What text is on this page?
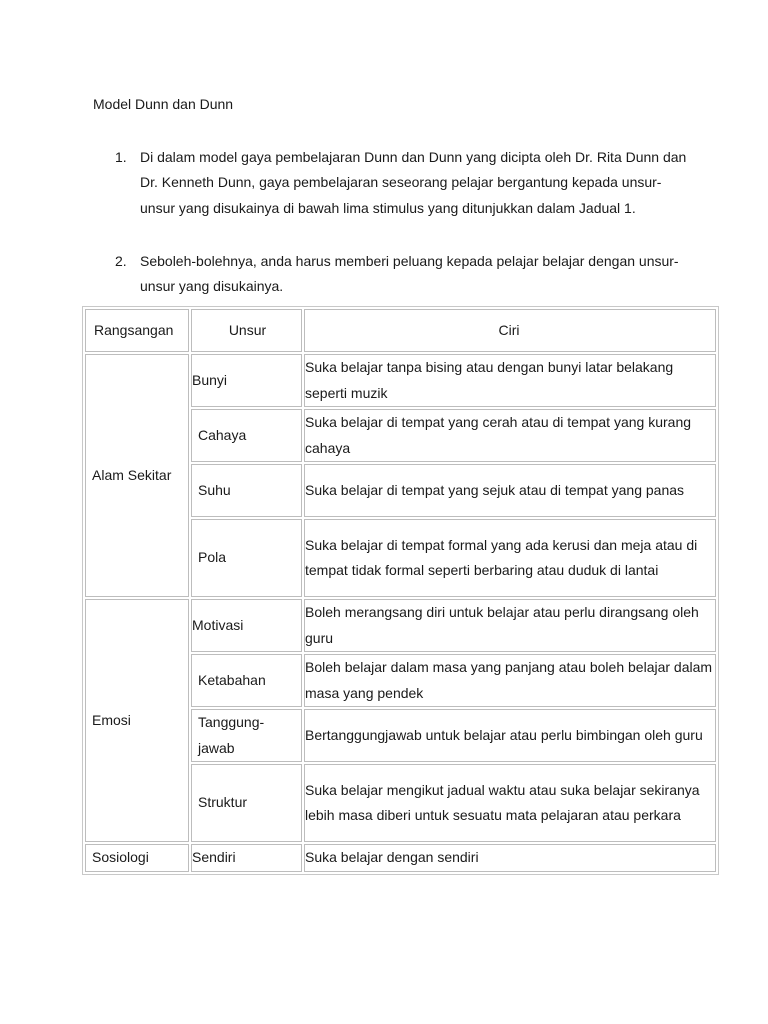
Model Dunn dan Dunn
1. Di dalam model gaya pembelajaran Dunn dan Dunn yang dicipta oleh Dr. Rita Dunn dan Dr. Kenneth Dunn, gaya pembelajaran seseorang pelajar bergantung kepada unsur-unsur yang disukainya di bawah lima stimulus yang ditunjukkan dalam Jadual 1.
2. Seboleh-bolehnya, anda harus memberi peluang kepada pelajar belajar dengan unsur-unsur yang disukainya.
Rangsangan	Unsur	Ciri
Alam Sekitar	Bunyi	Suka belajar tanpa bising atau dengan bunyi latar belakang seperti muzik
	Cahaya	Suka belajar di tempat yang cerah atau di tempat yang kurang cahaya
	Suhu	Suka belajar di tempat yang sejuk atau di tempat yang panas
	Pola	Suka belajar di tempat formal yang ada kerusi dan meja atau di tempat tidak formal seperti berbaring atau duduk di lantai
Emosi	Motivasi	Boleh merangsang diri untuk belajar atau perlu dirangsang oleh guru
	Ketabahan	Boleh belajar dalam masa yang panjang atau boleh belajar dalam masa yang pendek
	Tanggung-jawab	Bertanggungjawab untuk belajar atau perlu bimbingan oleh guru
	Struktur	Suka belajar mengikut jadual waktu atau suka belajar sekiranya lebih masa diberi untuk sesuatu mata pelajaran atau perkara
Sosiologi	Sendiri	Suka belajar dengan sendiri
